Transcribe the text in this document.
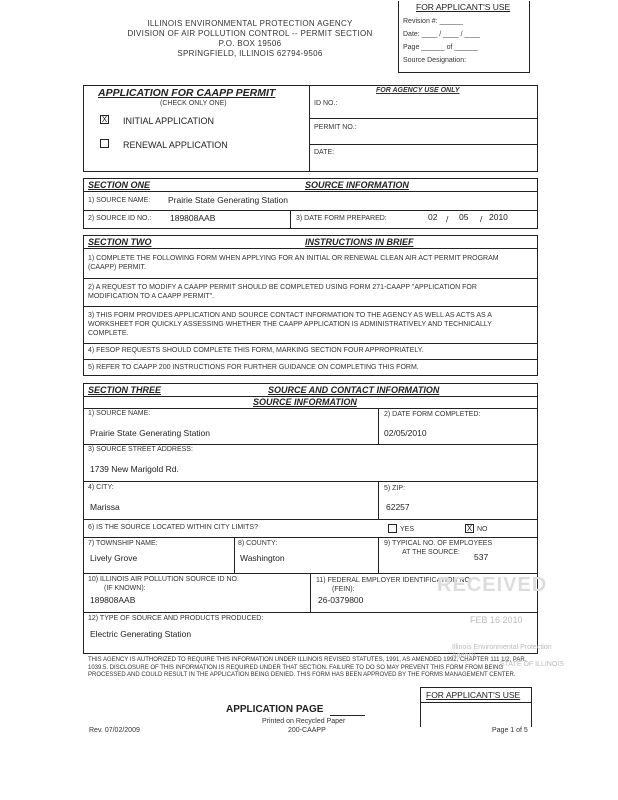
ILLINOIS ENVIRONMENTAL PROTECTION AGENCY
DIVISION OF AIR POLLUTION CONTROL -- PERMIT SECTION
P.O. BOX 19506
SPRINGFIELD, ILLINOIS 62794-9506
FOR APPLICANT'S USE
Revision #: ______
Date: ____ / ____ / ____
Page ______ of ______
Source Designation:
APPLICATION FOR CAAPP PERMIT
(CHECK ONLY ONE)
X INITIAL APPLICATION
RENEWAL APPLICATION
FOR AGENCY USE ONLY
ID NO.:
PERMIT NO.:
DATE:
SECTION ONE	SOURCE INFORMATION
1) SOURCE NAME: Prairie State Generating Station
2) SOURCE ID NO.: 189808AAB	3) DATE FORM PREPARED:	02 / 05 / 2010
SECTION TWO	INSTRUCTIONS IN BRIEF
1) COMPLETE THE FOLLOWING FORM WHEN APPLYING FOR AN INITIAL OR RENEWAL CLEAN AIR ACT PERMIT PROGRAM (CAAPP) PERMIT.
2) A REQUEST TO MODIFY A CAAPP PERMIT SHOULD BE COMPLETED USING FORM 271-CAAPP "APPLICATION FOR MODIFICATION TO A CAAPP PERMIT".
3) THIS FORM PROVIDES APPLICATION AND SOURCE CONTACT INFORMATION TO THE AGENCY AS WELL AS ACTS AS A WORKSHEET FOR QUICKLY ASSESSING WHETHER THE CAAPP APPLICATION IS ADMINISTRATIVELY AND TECHNICALLY COMPLETE.
4) FESOP REQUESTS SHOULD COMPLETE THIS FORM, MARKING SECTION FOUR APPROPRIATELY.
5) REFER TO CAAPP 200 INSTRUCTIONS FOR FURTHER GUIDANCE ON COMPLETING THIS FORM.
SECTION THREE	SOURCE AND CONTACT INFORMATION
SOURCE INFORMATION
1) SOURCE NAME:
Prairie State Generating Station
2) DATE FORM COMPLETED:
02/05/2010
3) SOURCE STREET ADDRESS:
1739 New Marigold Rd.
4) CITY:
Marissa
5) ZIP:
62257
6) IS THE SOURCE LOCATED WITHIN CITY LIMITS?	YES	X NO
7) TOWNSHIP NAME:
Lively Grove
8) COUNTY:
Washington
9) TYPICAL NO. OF EMPLOYEES
AT THE SOURCE: 537
10) ILLINOIS AIR POLLUTION SOURCE ID NO.
(IF KNOWN):
189808AAB
11) FEDERAL EMPLOYER IDENTIFICATION NO.
(FEIN):
26-0379800
12) TYPE OF SOURCE AND PRODUCTS PRODUCED:
Electric Generating Station
RECEIVED
FEB 16 2010
Illinois Environmental Protection Agency
STATE OF ILLINOIS
THIS AGENCY IS AUTHORIZED TO REQUIRE THIS INFORMATION UNDER ILLINOIS REVISED STATUTES, 1991, AS AMENDED 1992, CHAPTER 111 1/2, PAR. 1039.5. DISCLOSURE OF THIS INFORMATION IS REQUIRED UNDER THAT SECTION. FAILURE TO DO SO MAY PREVENT THIS FORM FROM BEING PROCESSED AND COULD RESULT IN THE APPLICATION BEING DENIED. THIS FORM HAS BEEN APPROVED BY THE FORMS MANAGEMENT CENTER.
FOR APPLICANT'S USE
APPLICATION PAGE
Printed on Recycled Paper
200-CAAPP
Rev. 07/02/2009	Page 1 of 5
